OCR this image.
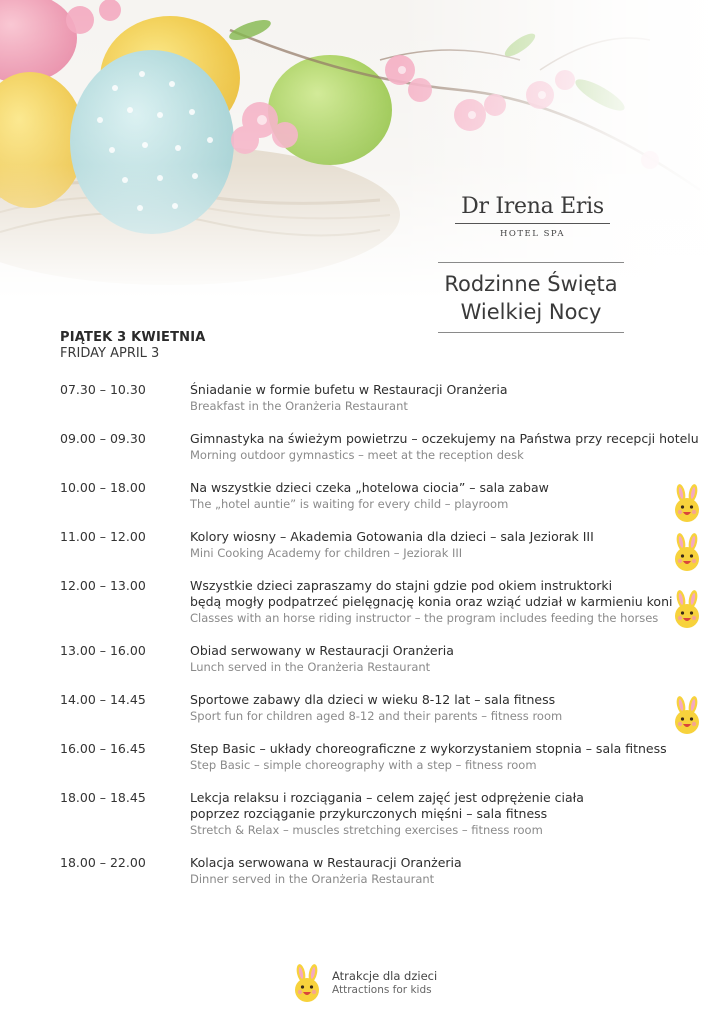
Dr Irena Eris
HOTEL SPA
Rodzinne Święta
Wielkiej Nocy
PIĄTEK 3 KWIETNIA
FRIDAY APRIL 3
07.30 – 10.30	Śniadanie w formie bufetu w Restauracji Oranżeria
Breakfast in the Oranżeria Restaurant
09.00 – 09.30	Gimnastyka na świeżym powietrzu – oczekujemy na Państwa przy recepcji hotelu
Morning outdoor gymnastics – meet at the reception desk
10.00 – 18.00	Na wszystkie dzieci czeka „hotelowa ciocia” – sala zabaw
The „hotel auntie” is waiting for every child – playroom
11.00 – 12.00	Kolory wiosny – Akademia Gotowania dla dzieci – sala Jeziorak III
Mini Cooking Academy for children – Jeziorak III
12.00 – 13.00	Wszystkie dzieci zapraszamy do stajni gdzie pod okiem instruktorki
będą mogły podpatrzeć pielęgnację konia oraz wziąć udział w karmieniu koni
Classes with an horse riding instructor – the program includes feeding the horses
13.00 – 16.00	Obiad serwowany w Restauracji Oranżeria
Lunch served in the Oranżeria Restaurant
14.00 – 14.45	Sportowe zabawy dla dzieci w wieku 8-12 lat – sala fitness
Sport fun for children aged 8-12 and their parents – fitness room
16.00 – 16.45	Step Basic – układy choreograficzne z wykorzystaniem stopnia – sala fitness
Step Basic – simple choreography with a step – fitness room
18.00 – 18.45	Lekcja relaksu i rozciągania – celem zajęć jest odprężenie ciała
poprzez rozciąganie przykurczonych mięśni – sala fitness
Stretch & Relax – muscles stretching exercises – fitness room
18.00 – 22.00	Kolacja serwowana w Restauracji Oranżeria
Dinner served in the Oranżeria Restaurant
Atrakcje dla dzieci
Attractions for kids
